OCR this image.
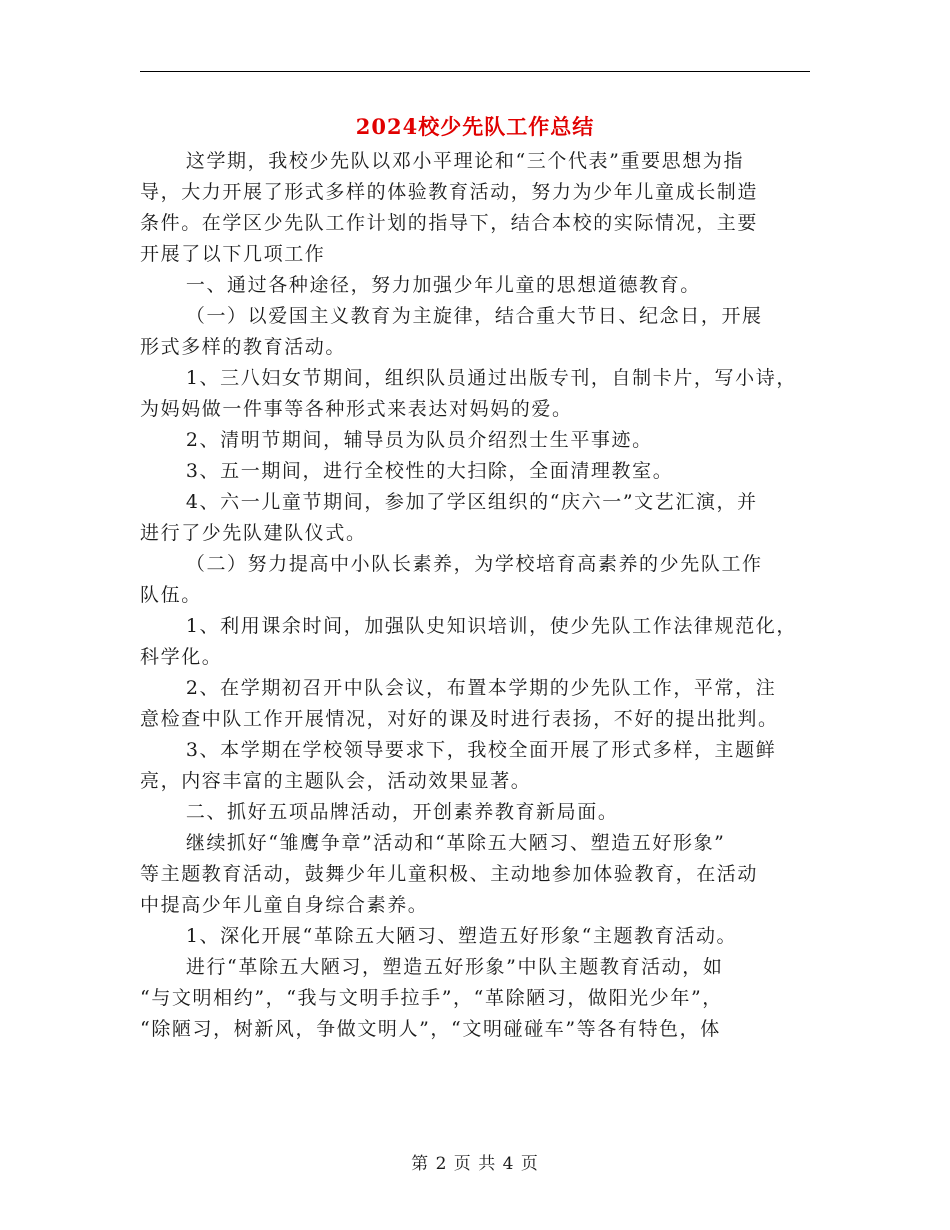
2024校少先队工作总结

这学期，我校少先队以邓小平理论和“三个代表”重要思想为指

导，大力开展了形式多样的体验教育活动，努力为少年儿童成长制造

条件。在学区少先队工作计划的指导下，结合本校的实际情况，主要

开展了以下几项工作

一、通过各种途径，努力加强少年儿童的思想道德教育。

（一）以爱国主义教育为主旋律，结合重大节日、纪念日，开展

形式多样的教育活动。

1、三八妇女节期间，组织队员通过出版专刊，自制卡片，写小诗，

为妈妈做一件事等各种形式来表达对妈妈的爱。

2、清明节期间，辅导员为队员介绍烈士生平事迹。

3、五一期间，进行全校性的大扫除，全面清理教室。

4、六一儿童节期间，参加了学区组织的“庆六一”文艺汇演，并

进行了少先队建队仪式。

（二）努力提高中小队长素养，为学校培育高素养的少先队工作

队伍。

1、利用课余时间，加强队史知识培训，使少先队工作法律规范化，

科学化。

2、在学期初召开中队会议，布置本学期的少先队工作，平常，注

意检查中队工作开展情况，对好的课及时进行表扬，不好的提出批判。

3、本学期在学校领导要求下，我校全面开展了形式多样，主题鲜

亮，内容丰富的主题队会，活动效果显著。

二、抓好五项品牌活动，开创素养教育新局面。

继续抓好“雏鹰争章”活动和“革除五大陋习、塑造五好形象”

等主题教育活动，鼓舞少年儿童积极、主动地参加体验教育，在活动

中提高少年儿童自身综合素养。

1、深化开展“革除五大陋习、塑造五好形象“主题教育活动。

进行“革除五大陋习，塑造五好形象”中队主题教育活动，如

“与文明相约”，“我与文明手拉手”，“革除陋习，做阳光少年”，

“除陋习，树新风，争做文明人”，“文明碰碰车”等各有特色，体

第 2 页 共 4 页
